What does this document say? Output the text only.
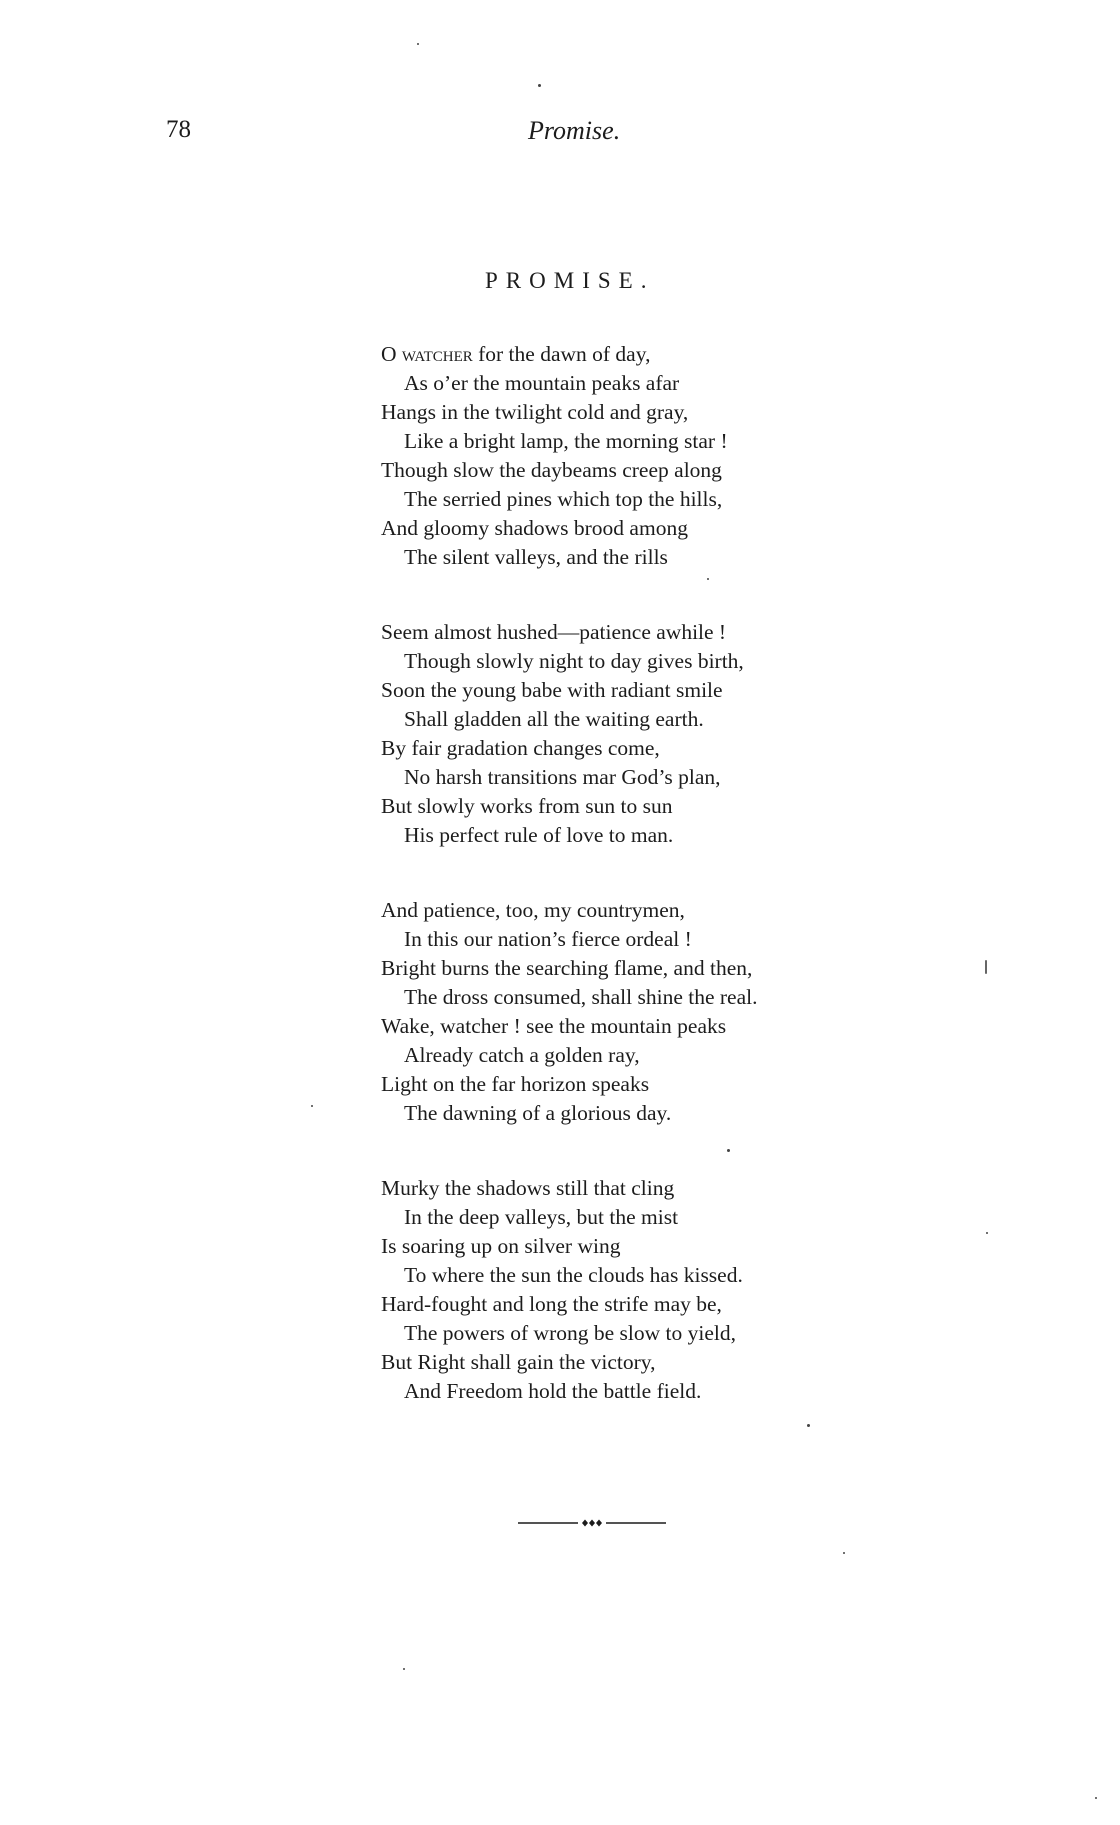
78	Promise.
PROMISE.
O watcher for the dawn of day,
As o’er the mountain peaks afar
Hangs in the twilight cold and gray,
Like a bright lamp, the morning star !
Though slow the daybeams creep along
The serried pines which top the hills,
And gloomy shadows brood among
The silent valleys, and the rills
Seem almost hushed—patience awhile !
Though slowly night to day gives birth,
Soon the young babe with radiant smile
Shall gladden all the waiting earth.
By fair gradation changes come,
No harsh transitions mar God’s plan,
But slowly works from sun to sun
His perfect rule of love to man.
And patience, too, my countrymen,
In this our nation’s fierce ordeal !
Bright burns the searching flame, and then,
The dross consumed, shall shine the real.
Wake, watcher ! see the mountain peaks
Already catch a golden ray,
Light on the far horizon speaks
The dawning of a glorious day.
Murky the shadows still that cling
In the deep valleys, but the mist
Is soaring up on silver wing
To where the sun the clouds has kissed.
Hard-fought and long the strife may be,
The powers of wrong be slow to yield,
But Right shall gain the victory,
And Freedom hold the battle field.
